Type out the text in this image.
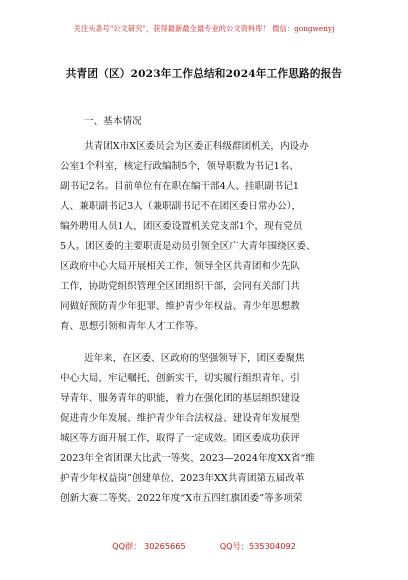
关注头条号"公文研究"，获得最新最全最专业的公文资料库！ 微信：gongwenyj
共青团（区）2023年工作总结和2024年工作思路的报告
一、基本情况
共青团X市X区委员会为区委正科级群团机关，内设办
公室1个科室，核定行政编制5个，领导职数为书记1名、
副书记2名。目前单位有在职在编干部4人、挂职副书记1
人、兼职副书记3人（兼职副书记不在团区委日常办公），
编外聘用人员1人，团区委设置机关党支部1个，现有党员
5人。团区委的主要职责是动员引领全区广大青年围绕区委、
区政府中心大局开展相关工作，领导全区共青团和少先队
工作，协助党组织管理全区团组织干部，会同有关部门共
同做好预防青少年犯罪、维护青少年权益、青少年思想教
育、思想引领和青年人才工作等。
近年来，在区委、区政府的坚强领导下，团区委聚焦
中心大局，牢记嘱托、创新实干，切实履行组织青年、引
导青年、服务青年的职能，着力在强化团的基层组织建设
促进青少年发展、维护青少年合法权益、建设青年发展型
城区等方面开展工作，取得了一定成效。团区委成功获评
2023年全省团课大比武一等奖、2023—2024年度XX省“维
护青少年权益岗”创建单位、2023年XX共青团第五届改革
创新大赛二等奖、2022年度“X市五四红旗团委”等多项荣
QQ群： 30265665	QQ号：535304092
